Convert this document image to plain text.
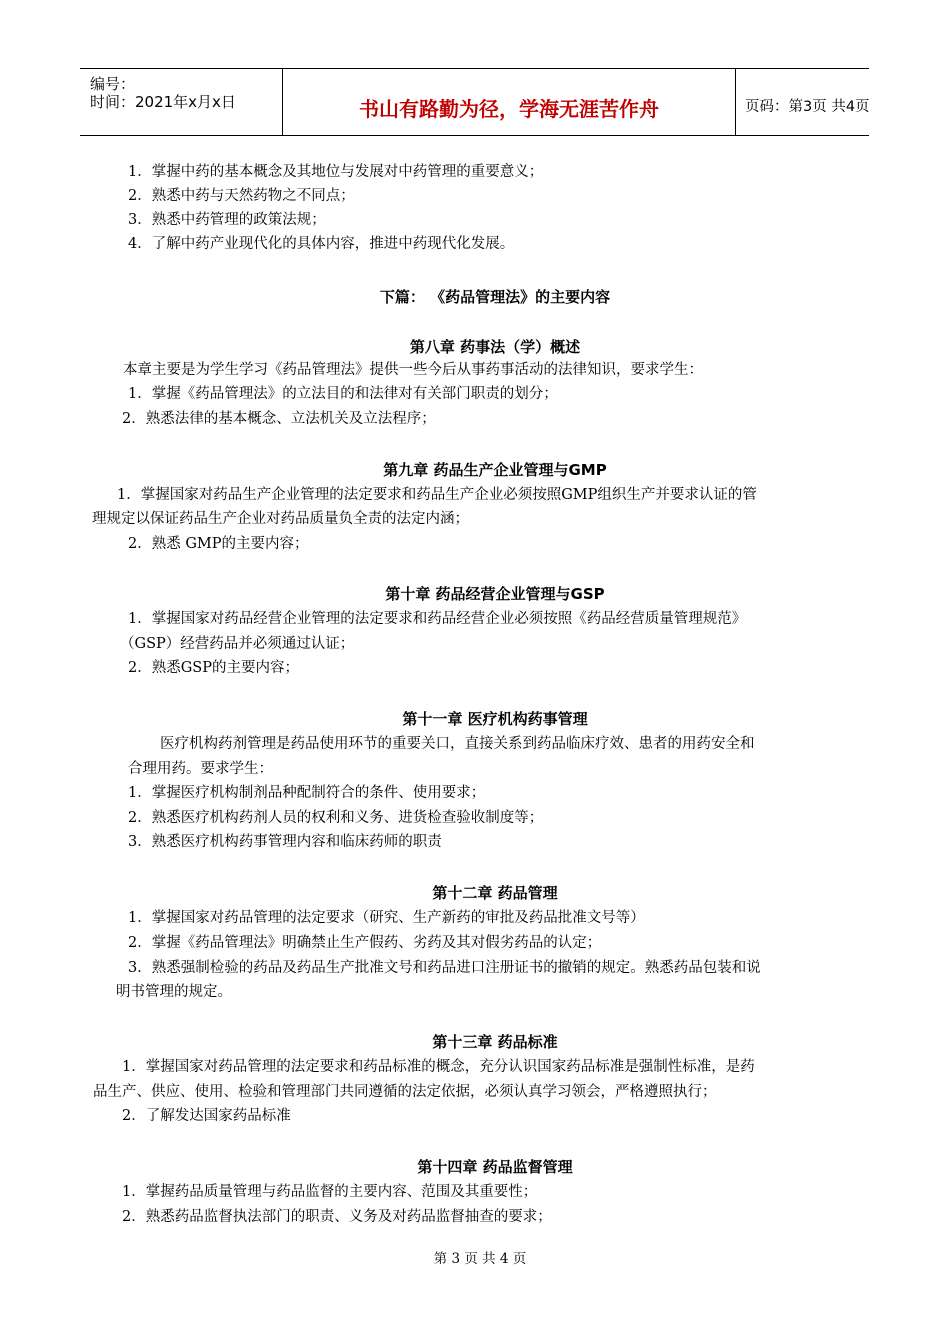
编号：
时间：2021年x月x日	书山有路勤为径，学海无涯苦作舟	页码：第3页 共4页
1．掌握中药的基本概念及其地位与发展对中药管理的重要意义；
2．熟悉中药与天然药物之不同点；
3．熟悉中药管理的政策法规；
4．了解中药产业现代化的具体内容，推进中药现代化发展。
下篇： 《药品管理法》的主要内容
第八章 药事法（学）概述
本章主要是为学生学习《药品管理法》提供一些今后从事药事活动的法律知识，要求学生：
1．掌握《药品管理法》的立法目的和法律对有关部门职责的划分；
2．熟悉法律的基本概念、立法机关及立法程序；
第九章 药品生产企业管理与GMP
1．掌握国家对药品生产企业管理的法定要求和药品生产企业必须按照GMP组织生产并要求认证的管
理规定以保证药品生产企业对药品质量负全责的法定内涵；
2．熟悉 GMP的主要内容；
第十章 药品经营企业管理与GSP
1．掌握国家对药品经营企业管理的法定要求和药品经营企业必须按照《药品经营质量管理规范》
（GSP）经营药品并必须通过认证；
2．熟悉GSP的主要内容；
第十一章 医疗机构药事管理
医疗机构药剂管理是药品使用环节的重要关口，直接关系到药品临床疗效、患者的用药安全和
合理用药。要求学生：
1．掌握医疗机构制剂品种配制符合的条件、使用要求；
2．熟悉医疗机构药剂人员的权利和义务、进货检查验收制度等；
3．熟悉医疗机构药事管理内容和临床药师的职责
第十二章 药品管理
1．掌握国家对药品管理的法定要求（研究、生产新药的审批及药品批准文号等）
2．掌握《药品管理法》明确禁止生产假药、劣药及其对假劣药品的认定；
3．熟悉强制检验的药品及药品生产批准文号和药品进口注册证书的撤销的规定。熟悉药品包装和说
明书管理的规定。
第十三章 药品标准
1．掌握国家对药品管理的法定要求和药品标准的概念，充分认识国家药品标准是强制性标准，是药
品生产、供应、使用、检验和管理部门共同遵循的法定依据，必须认真学习领会，严格遵照执行；
2．了解发达国家药品标准
第十四章 药品监督管理
1．掌握药品质量管理与药品监督的主要内容、范围及其重要性；
2．熟悉药品监督执法部门的职责、义务及对药品监督抽查的要求；
第 3 页 共 4 页
